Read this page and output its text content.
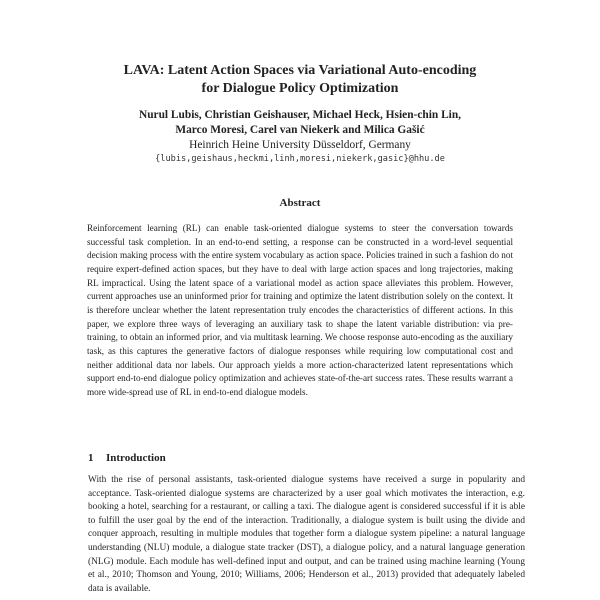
LAVA: Latent Action Spaces via Variational Auto-encoding
for Dialogue Policy Optimization
Nurul Lubis, Christian Geishauser, Michael Heck, Hsien-chin Lin,
Marco Moresi, Carel van Niekerk and Milica Gašić
Heinrich Heine University Düsseldorf, Germany
{lubis,geishaus,heckmi,linh,moresi,niekerk,gasic}@hhu.de
Abstract
Reinforcement learning (RL) can enable task-oriented dialogue systems to steer the conversation towards successful task completion. In an end-to-end setting, a response can be constructed in a word-level sequential decision making process with the entire system vocabulary as action space. Policies trained in such a fashion do not require expert-defined action spaces, but they have to deal with large action spaces and long trajectories, making RL impractical. Using the latent space of a variational model as action space alleviates this problem. However, current approaches use an uninformed prior for training and optimize the latent distribution solely on the context. It is therefore unclear whether the latent representation truly encodes the characteristics of different actions. In this paper, we explore three ways of leveraging an auxiliary task to shape the latent variable distribution: via pre-training, to obtain an informed prior, and via multitask learning. We choose response auto-encoding as the auxiliary task, as this captures the generative factors of dialogue responses while requiring low computational cost and neither additional data nor labels. Our approach yields a more action-characterized latent representations which support end-to-end dialogue policy optimization and achieves state-of-the-art success rates. These results warrant a more wide-spread use of RL in end-to-end dialogue models.
1 Introduction
With the rise of personal assistants, task-oriented dialogue systems have received a surge in popularity and acceptance. Task-oriented dialogue systems are characterized by a user goal which motivates the interaction, e.g. booking a hotel, searching for a restaurant, or calling a taxi. The dialogue agent is considered successful if it is able to fulfill the user goal by the end of the interaction. Traditionally, a dialogue system is built using the divide and conquer approach, resulting in multiple modules that together form a dialogue system pipeline: a natural language understanding (NLU) module, a dialogue state tracker (DST), a dialogue policy, and a natural language generation (NLG) module. Each module has well-defined input and output, and can be trained using machine learning (Young et al., 2010; Thomson and Young, 2010; Williams, 2006; Henderson et al., 2013) provided that adequately labeled data is available.
